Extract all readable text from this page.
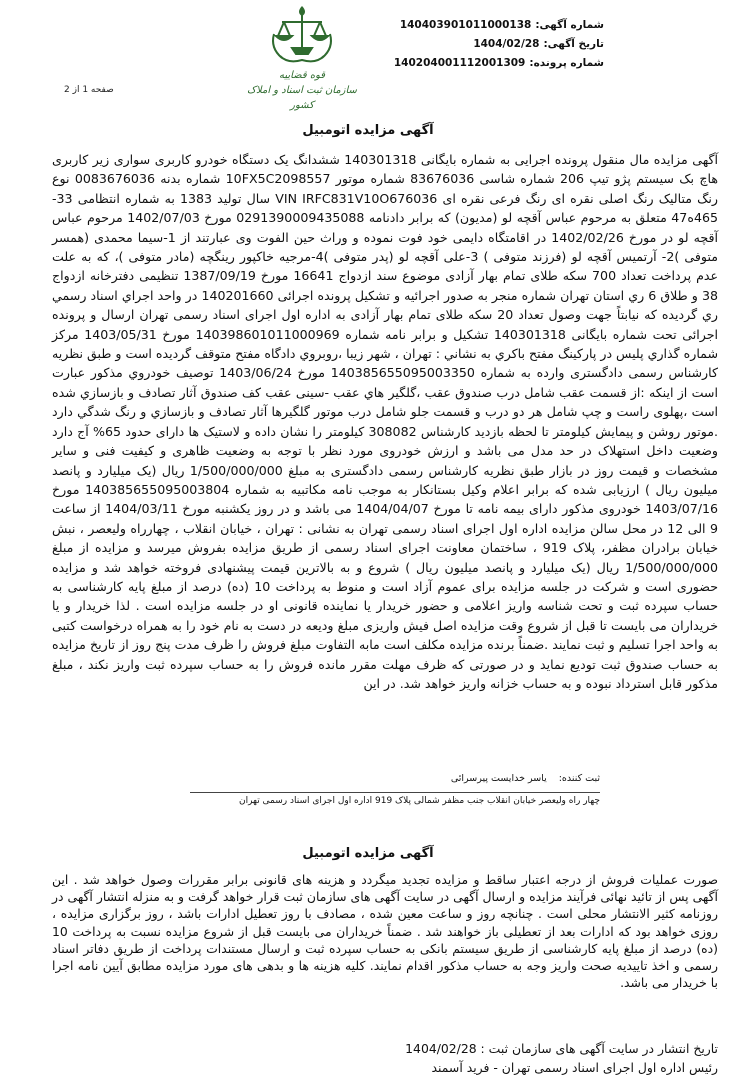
شماره آگهی:
140403901011000138
تاریخ آگهی:
1404/02/28
شماره پرونده:
140204001112001309
قوه قضاییه
سازمان ثبت اسناد و املاک کشور
صفحه 1 از 2
آگهی مزایده اتومبیل
آگهی مزایده مال منقول پرونده اجرایی به شماره بایگانی 140301318 ششدانگ یک دستگاه خودرو کاربری سواری زیر کاربری هاچ بک سیستم پژو تیپ 206 شماره شاسی 83676036 شماره موتور 10FX5C2098557 شماره بدنه 0083676036 نوع رنگ متالیک رنگ اصلی نقره ای رنگ فرعی نقره ای VIN IRFC831V10O676036 سال تولید 1383 به شماره انتظامی 33-465ه47 متعلق به مرحوم عباس آقچه لو (مدیون) که برابر دادنامه 0291390009435088 مورخ 1402/07/03 مرحوم عباس آقچه لو در مورخ 1402/02/26 در اقامتگاه دایمی خود فوت نموده و وراث حین الفوت وی عبارتند از 1-سیما محمدی (همسر متوفی )2- آرتمیس آقچه لو (فرزند متوفی ) 3-علی آقچه لو (پدر متوفی )4-مرجیه خاکپور رینگچه (مادر متوفی )، که به علت عدم پرداخت تعداد 700 سکه طلای تمام بهار آزادی موضوع سند ازدواج 16641 مورخ 1387/09/19 تنظیمی دفترخانه ازدواج 38 و طلاق 6 ري استان تهران شماره منجر به صدور اجرائیه و تشکیل پرونده اجرائی 140201660 در واحد اجراي اسناد رسمي ري گردیده که نیابتاً جهت وصول تعداد 20 سکه طلای تمام بهار آزادی به اداره اول اجرای اسناد رسمی تهران ارسال و پرونده اجرائی تحت شماره بایگانی 140301318 تشکیل و برابر نامه شماره 140398601011000969 مورخ 1403/05/31 مرکز شماره گذاري پلیس در پارکینگ مفتح باکري به نشاني : تهران ، شهر زیبا ،روبروي دادگاه مفتح متوقف گردیده است و طبق نظریه کارشناس رسمی دادگستری وارده به شماره 140385655095003350 مورخ 1403/06/24 توصیف خودروي مذکور عبارت است از اینکه :از قسمت عقب شامل درب صندوق عقب ،گلگیر هاي عقب -سینی عقب کف صندوق آثار تصادف و بازسازي شده است ،پهلوی راست و چپ شامل هر دو درب و قسمت جلو شامل درب موتور گلگیرها آثار تصادف و بازسازي و رنگ شدگي دارد .موتور روشن و پیمایش کیلومتر تا لحظه بازدید کارشناس 308082 کیلومتر را نشان داده و لاستیک ها دارای حدود 65% آج دارد وضعیت داخل استهلاک در حد مدل می باشد و ارزش خودروی مورد نظر با توجه به وضعیت ظاهری و کیفیت فنی و سایر مشخصات و قیمت روز در بازار طبق نظریه کارشناس رسمی دادگستری به مبلغ 1/500/000/000 ریال (یک میلیارد و پانصد میلیون ریال ) ارزیابی شده که برابر اعلام وکیل بستانکار به موجب نامه مکاتبیه به شماره 140385655095003804 مورخ 1403/07/16 خودروی مذکور دارای بیمه نامه تا مورخ 1404/04/07 می باشد و در روز یکشنبه مورخ 1404/03/11 از ساعت 9 الی 12 در محل سالن مزایده اداره اول اجرای اسناد رسمی تهران به نشانی : تهران ، خیابان انقلاب ، چهارراه ولیعصر ، نبش خیابان برادران مظفر، پلاک 919 ، ساختمان معاونت اجرای اسناد رسمی از طریق مزایده بفروش میرسد و مزایده از مبلغ 1/500/000/000 ریال (یک میلیارد و پانصد میلیون ریال ) شروع و به بالاترین قیمت پیشنهادی فروخته خواهد شد و مزایده حضوری است و شرکت در جلسه مزایده برای عموم آزاد است و منوط به پرداخت 10 (ده) درصد از مبلغ پایه کارشناسی به حساب سپرده ثبت و تحت شناسه واریز اعلامی و حضور خریدار یا نماینده قانونی او در جلسه مزایده است . لذا خریدار و یا خریداران می بایست تا قبل از شروع وقت مزایده اصل فیش واریزی مبلغ ودیعه در دست به نام خود را به همراه درخواست کتبی به واحد اجرا تسلیم و ثبت نمایند .ضمناً برنده مزایده مکلف است مابه التفاوت مبلغ فروش را ظرف مدت پنج روز از تاریخ مزایده به حساب صندوق ثبت تودیع نماید و در صورتی که ظرف مهلت مقرر مانده فروش را به حساب سپرده ثبت واریز نکند ، مبلغ مذکور قابل استرداد نبوده و به حساب خزانه واریز خواهد شد. در این
ثبت کننده:
یاسر خدایست پیرسرائی
چهار راه ولیعصر خیابان انقلاب جنب مظفر شمالی پلاک 919 اداره اول اجرای اسناد رسمی تهران
آگهی مزایده اتومبیل
صورت عملیات فروش از درجه اعتبار ساقط و مزایده تجدید میگردد و هزینه های قانونی برابر مقررات وصول خواهد شد . این آگهی پس از تائید نهائی فرآیند مزایده و ارسال آگهی در سایت آگهی های سازمان ثبت قرار خواهد گرفت و به منزله انتشار آگهی در روزنامه کثیر الانتشار محلی است . چنانچه روز و ساعت معین شده ، مصادف با روز تعطیل ادارات باشد ، روز برگزاری مزایده ، روزی خواهد بود که ادارات بعد از تعطیلی باز خواهند شد . ضمناً خریداران می بایست قبل از شروع مزایده نسبت به پرداخت 10 (ده) درصد از مبلغ پایه کارشناسی از طریق سیستم بانکی به حساب سپرده ثبت و ارسال مستندات پرداخت از طریق دفاتر اسناد رسمی و اخذ تاییدیه صحت واریز وجه به حساب مذکور اقدام نمایند. کلیه هزینه ها و بدهی های مورد مزایده مطابق آیین نامه اجرا با خریدار می باشد.
تاریخ انتشار در سایت آگهی های سازمان ثبت : 1404/02/28
رئیس اداره اول اجرای اسناد رسمی تهران - فرید آسمند
